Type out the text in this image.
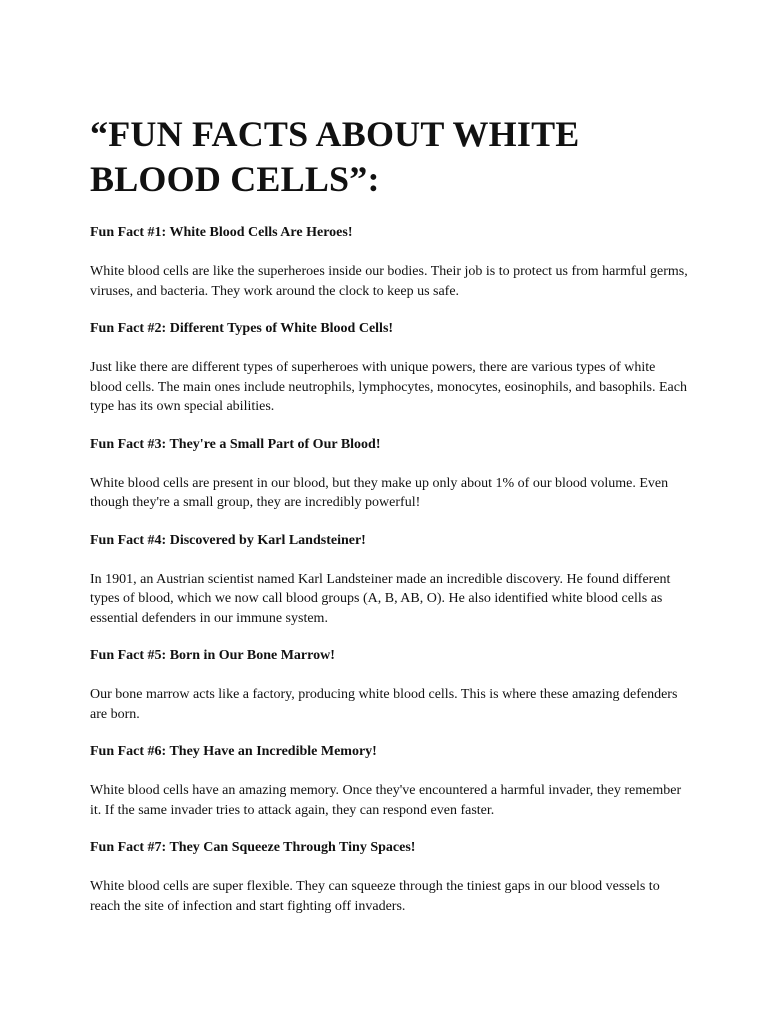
“FUN FACTS ABOUT WHITE BLOOD CELLS”:

Fun Fact #1: White Blood Cells Are Heroes!

White blood cells are like the superheroes inside our bodies. Their job is to protect us from harmful germs, viruses, and bacteria. They work around the clock to keep us safe.

Fun Fact #2: Different Types of White Blood Cells!

Just like there are different types of superheroes with unique powers, there are various types of white blood cells. The main ones include neutrophils, lymphocytes, monocytes, eosinophils, and basophils. Each type has its own special abilities.

Fun Fact #3: They're a Small Part of Our Blood!

White blood cells are present in our blood, but they make up only about 1% of our blood volume. Even though they're a small group, they are incredibly powerful!

Fun Fact #4: Discovered by Karl Landsteiner!

In 1901, an Austrian scientist named Karl Landsteiner made an incredible discovery. He found different types of blood, which we now call blood groups (A, B, AB, O). He also identified white blood cells as essential defenders in our immune system.

Fun Fact #5: Born in Our Bone Marrow!

Our bone marrow acts like a factory, producing white blood cells. This is where these amazing defenders are born.

Fun Fact #6: They Have an Incredible Memory!

White blood cells have an amazing memory. Once they've encountered a harmful invader, they remember it. If the same invader tries to attack again, they can respond even faster.

Fun Fact #7: They Can Squeeze Through Tiny Spaces!

White blood cells are super flexible. They can squeeze through the tiniest gaps in our blood vessels to reach the site of infection and start fighting off invaders.
